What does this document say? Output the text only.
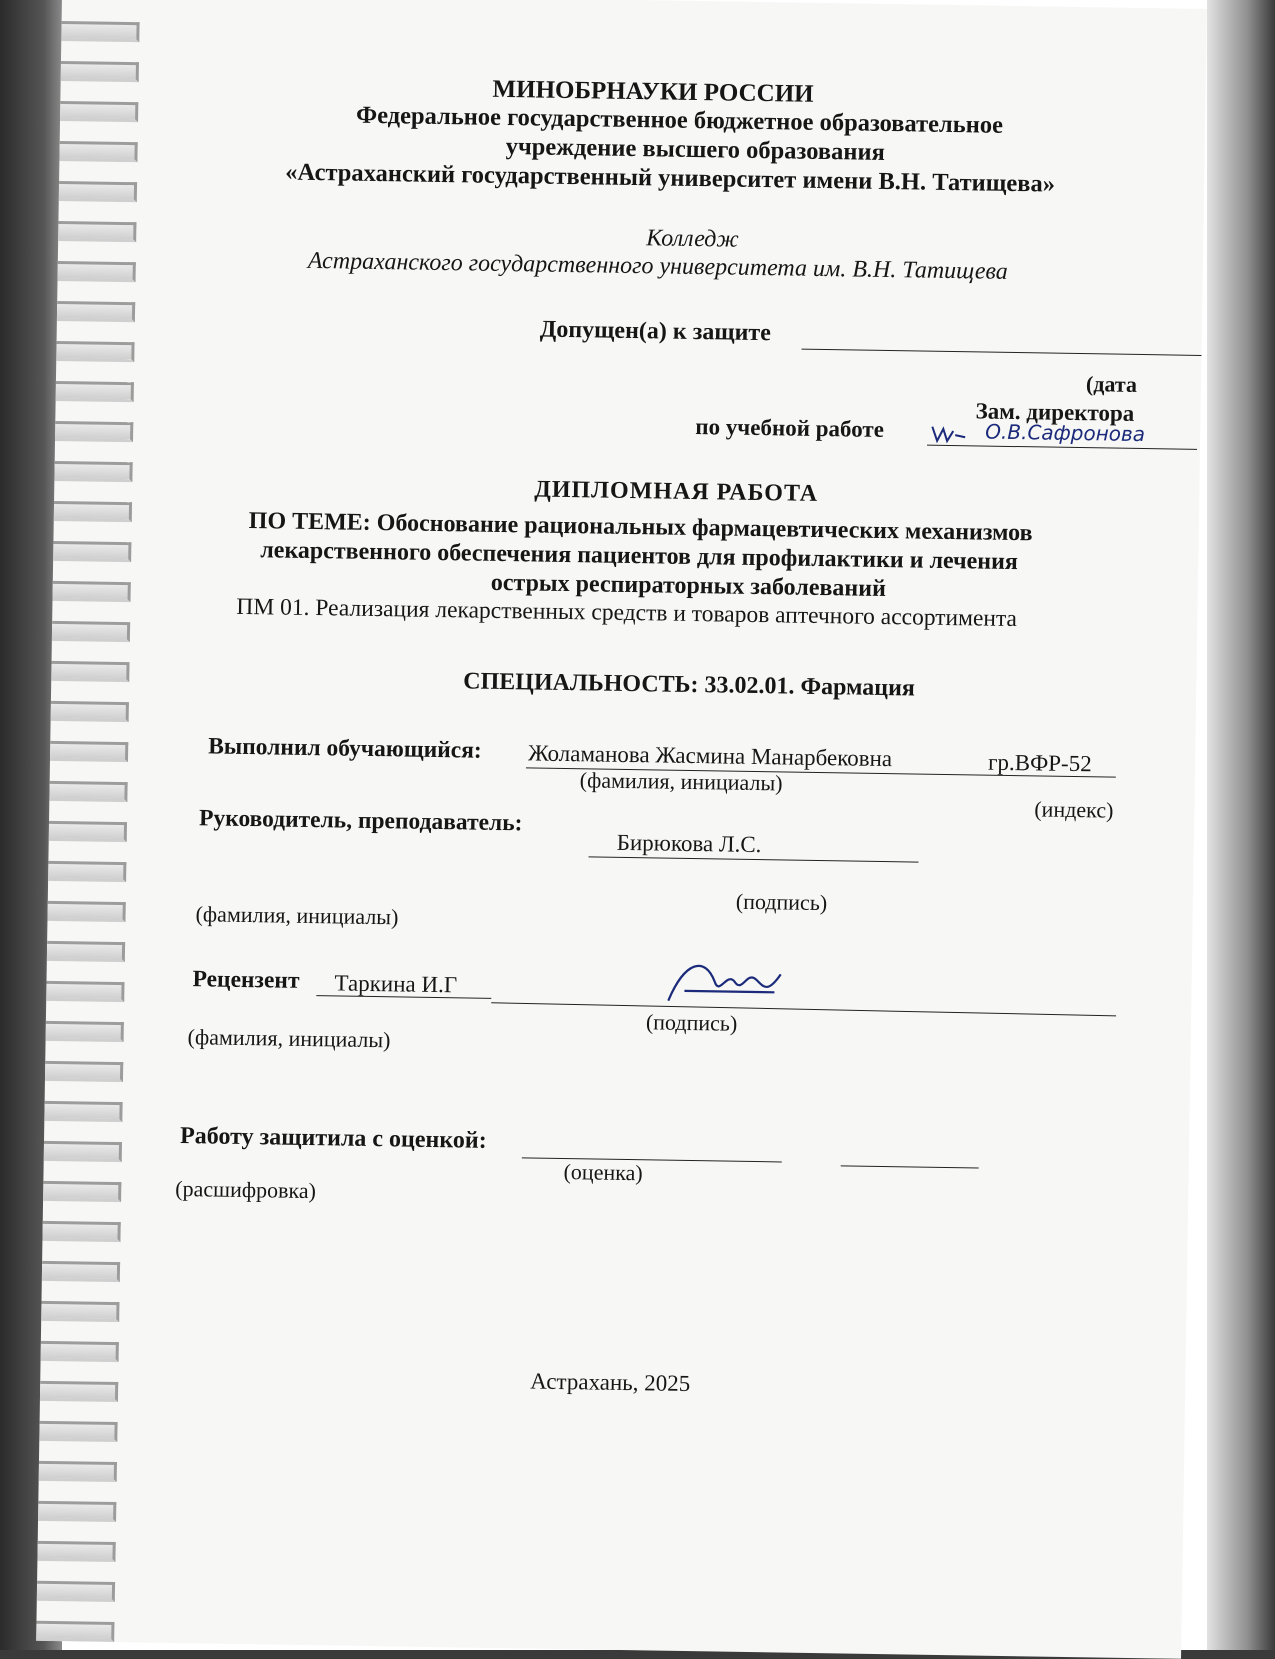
МИНОБРНАУКИ РОССИИ
Федеральное государственное бюджетное образовательное
учреждение высшего образования
«Астраханский государственный университет имени В.Н. Татищева»
Колледж
Астраханского государственного университета им. В.Н. Татищева
Допущен(а) к защите
(дата
Зам. директора
по учебной работе	О.В.Сафронова
ДИПЛОМНАЯ РАБОТА
ПО ТЕМЕ: Обоснование рациональных фармацевтических механизмов
лекарственного обеспечения пациентов для профилактики и лечения
острых респираторных заболеваний
ПМ 01. Реализация лекарственных средств и товаров аптечного ассортимента
СПЕЦИАЛЬНОСТЬ: 33.02.01. Фармация
Выполнил обучающийся: Жоламанова Жасмина Манарбековна	гр.ВФР-52
(фамилия, инициалы)
(индекс)
Руководитель, преподаватель:
Бирюкова Л.С.
(фамилия, инициалы)	(подпись)
Рецензент Таркина И.Г
(подпись)
(фамилия, инициалы)
Работу защитила с оценкой:
(оценка)
(расшифровка)
Астрахань, 2025
